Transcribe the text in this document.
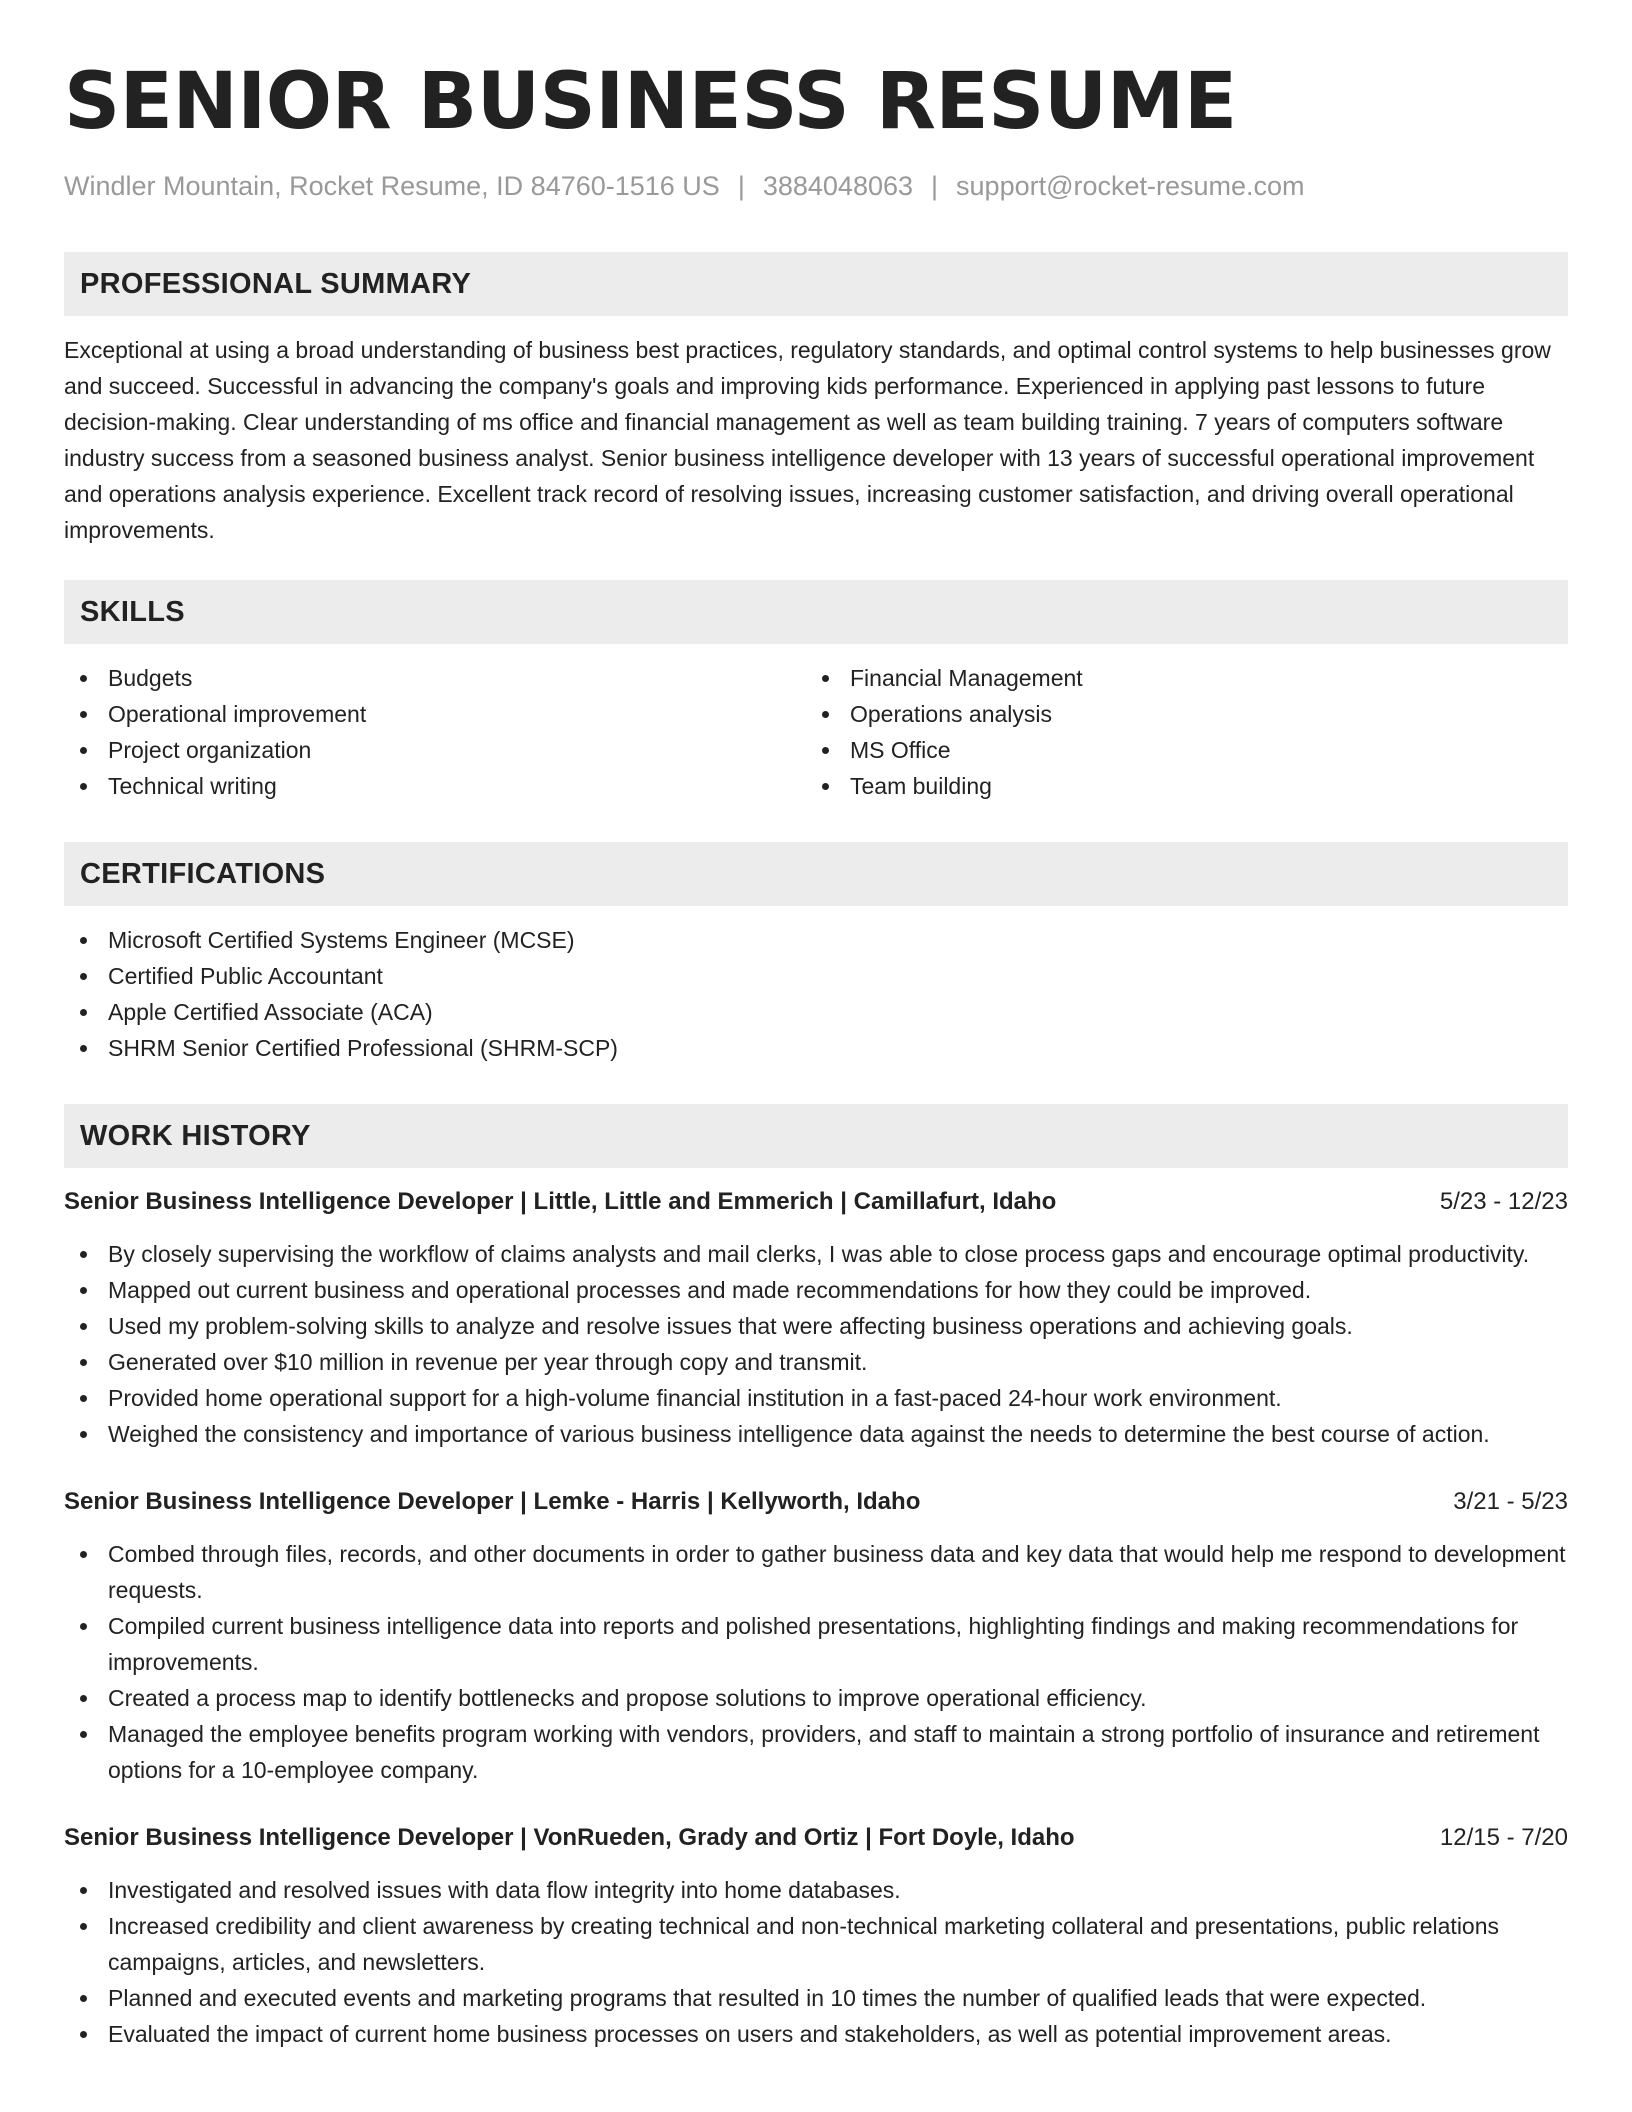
SENIOR BUSINESS RESUME
Windler Mountain, Rocket Resume, ID 84760-1516 US | 3884048063 | support@rocket-resume.com
PROFESSIONAL SUMMARY

Exceptional at using a broad understanding of business best practices, regulatory standards, and optimal control systems to help businesses grow and succeed. Successful in advancing the company's goals and improving kids performance. Experienced in applying past lessons to future decision-making. Clear understanding of ms office and financial management as well as team building training. 7 years of computers software industry success from a seasoned business analyst. Senior business intelligence developer with 13 years of successful operational improvement and operations analysis experience. Excellent track record of resolving issues, increasing customer satisfaction, and driving overall operational improvements.

SKILLS
Budgets
Operational improvement
Project organization
Technical writing
Financial Management
Operations analysis
MS Office
Team building
CERTIFICATIONS
Microsoft Certified Systems Engineer (MCSE)
Certified Public Accountant
Apple Certified Associate (ACA)
SHRM Senior Certified Professional (SHRM-SCP)
WORK HISTORY
Senior Business Intelligence Developer | Little, Little and Emmerich | Camillafurt, Idaho	5/23 - 12/23
By closely supervising the workflow of claims analysts and mail clerks, I was able to close process gaps and encourage optimal productivity.
Mapped out current business and operational processes and made recommendations for how they could be improved.
Used my problem-solving skills to analyze and resolve issues that were affecting business operations and achieving goals.
Generated over $10 million in revenue per year through copy and transmit.
Provided home operational support for a high-volume financial institution in a fast-paced 24-hour work environment.
Weighed the consistency and importance of various business intelligence data against the needs to determine the best course of action.
Senior Business Intelligence Developer | Lemke - Harris | Kellyworth, Idaho	3/21 - 5/23
Combed through files, records, and other documents in order to gather business data and key data that would help me respond to development requests.
Compiled current business intelligence data into reports and polished presentations, highlighting findings and making recommendations for improvements.
Created a process map to identify bottlenecks and propose solutions to improve operational efficiency.
Managed the employee benefits program working with vendors, providers, and staff to maintain a strong portfolio of insurance and retirement options for a 10-employee company.
Senior Business Intelligence Developer | VonRueden, Grady and Ortiz | Fort Doyle, Idaho	12/15 - 7/20
Investigated and resolved issues with data flow integrity into home databases.
Increased credibility and client awareness by creating technical and non-technical marketing collateral and presentations, public relations campaigns, articles, and newsletters.
Planned and executed events and marketing programs that resulted in 10 times the number of qualified leads that were expected.
Evaluated the impact of current home business processes on users and stakeholders, as well as potential improvement areas.
